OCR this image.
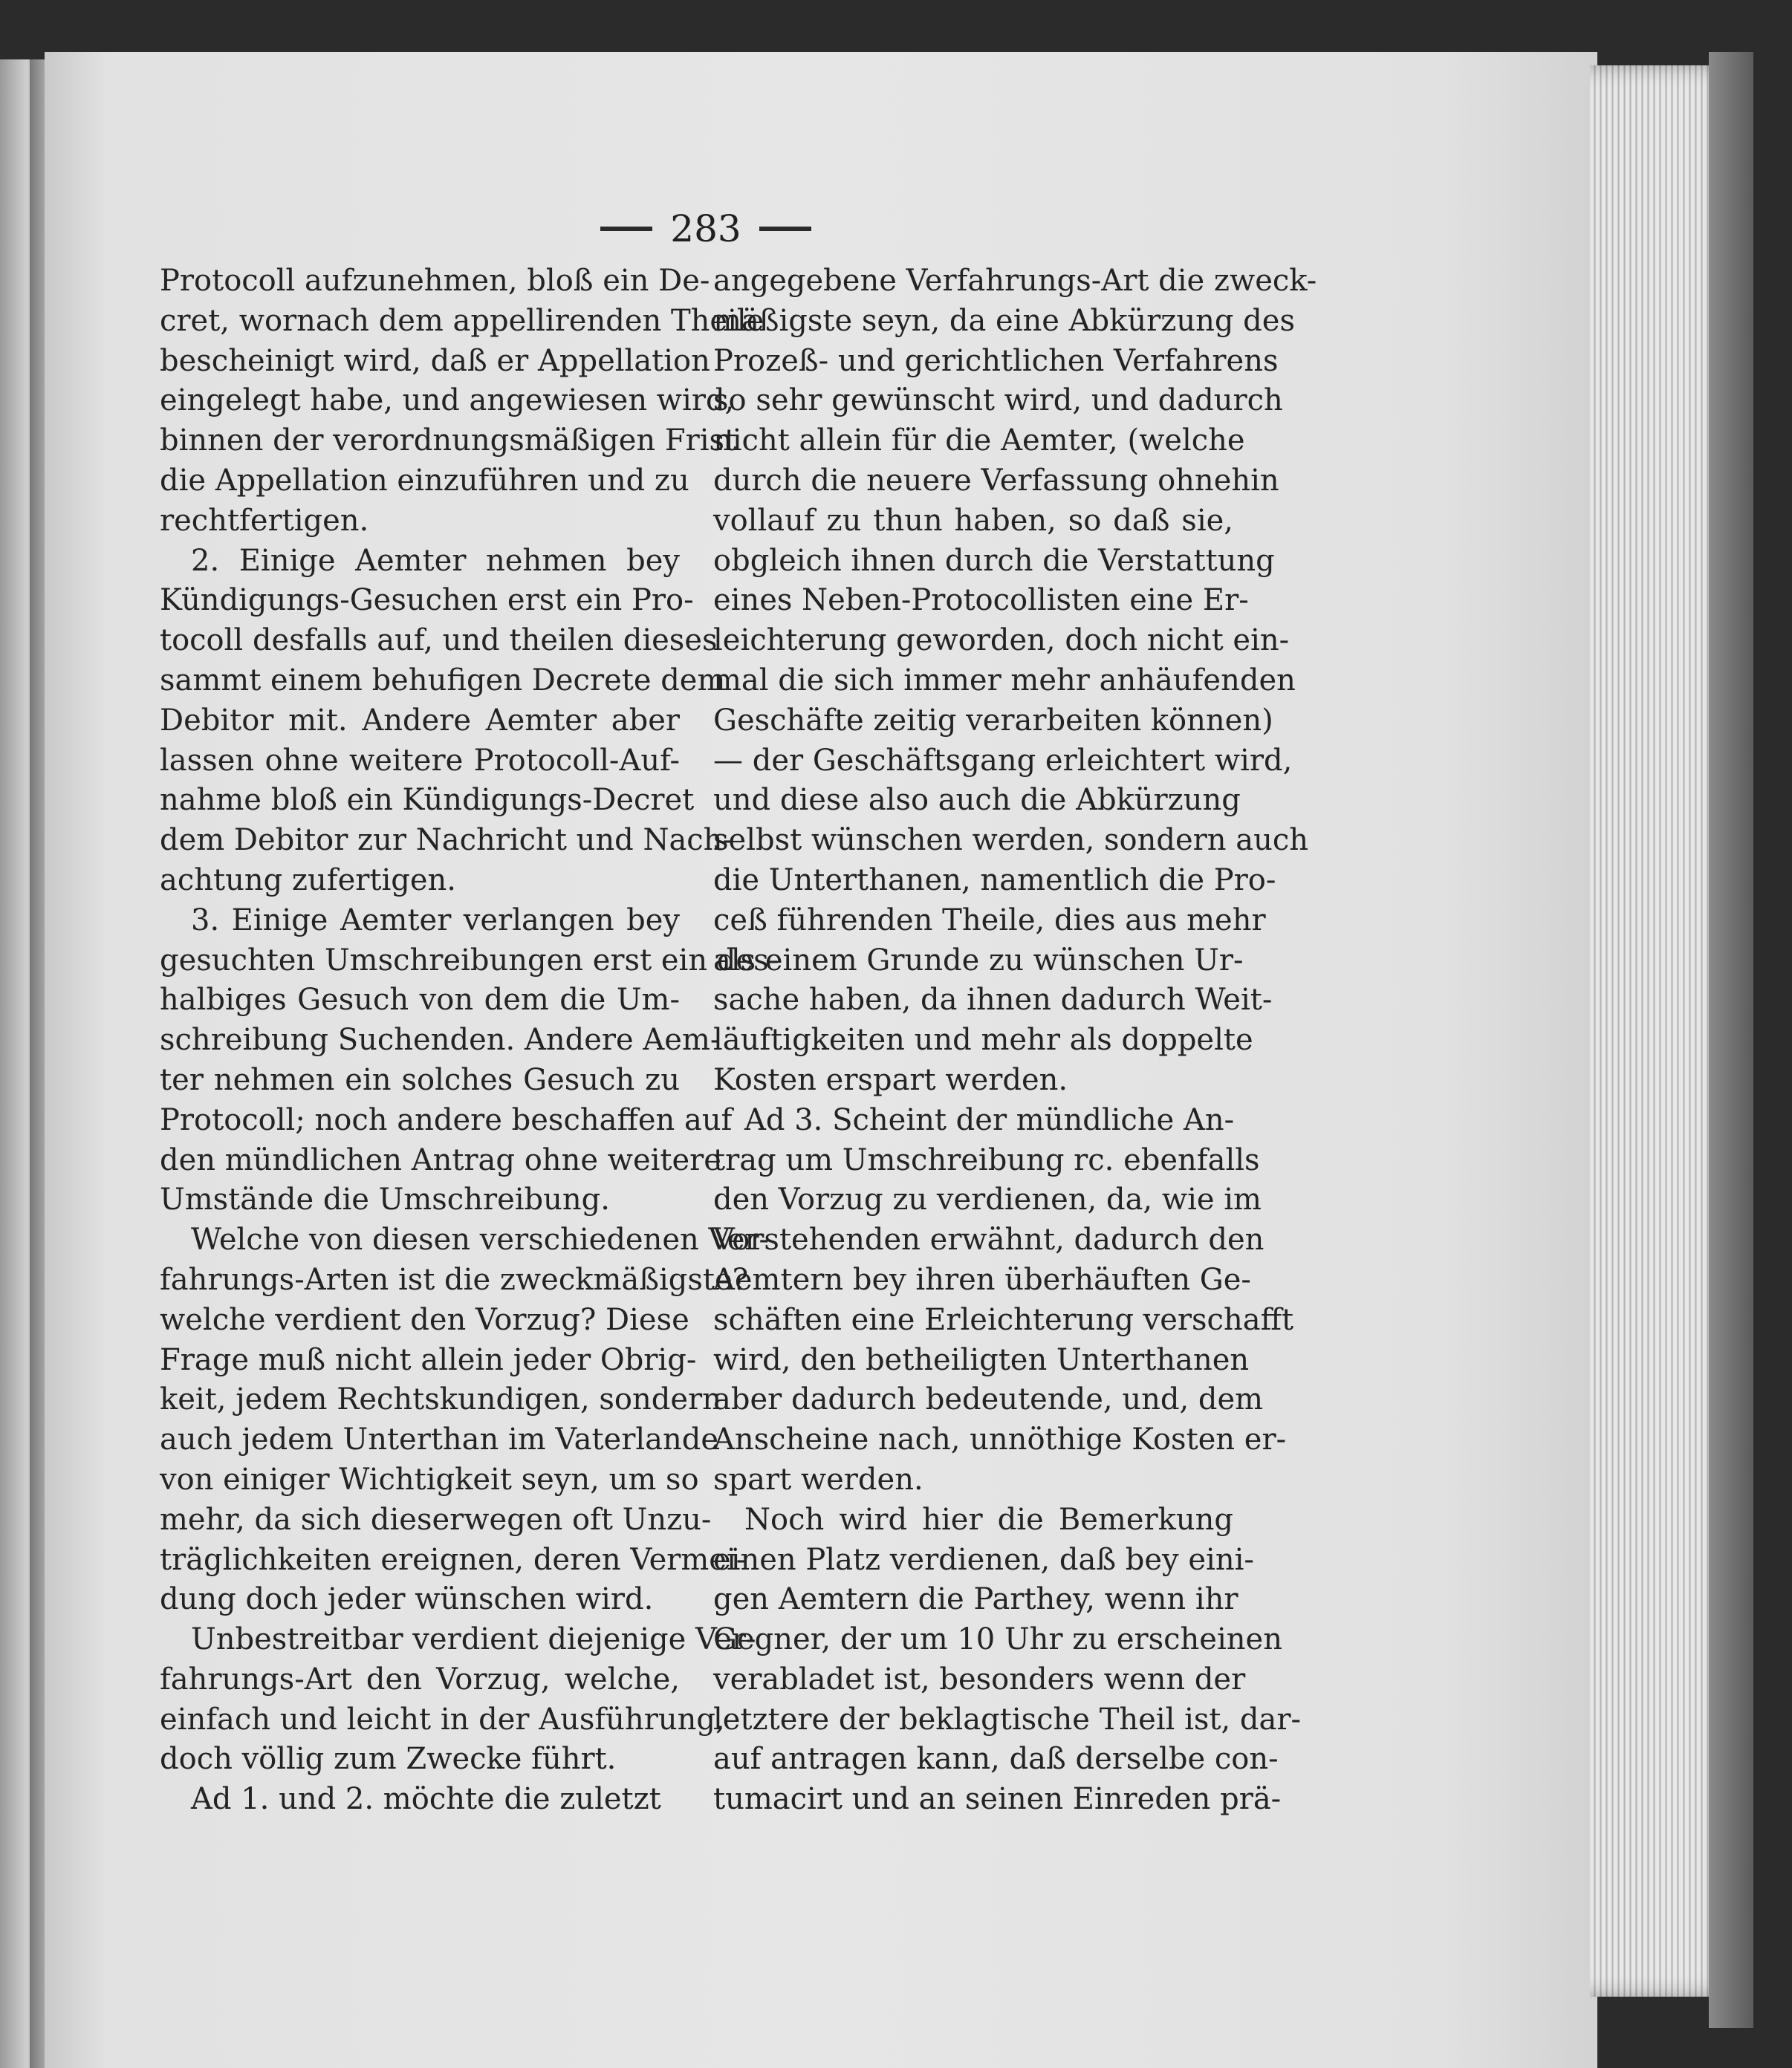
283
Protocoll aufzunehmen, bloß ein De-
cret, wornach dem appellirenden Theile
bescheinigt wird, daß er Appellation
eingelegt habe, und angewiesen wird,
binnen der verordnungsmäßigen Frist
die Appellation einzuführen und zu
rechtfertigen.
2. Einige Aemter nehmen bey
Kündigungs-Gesuchen erst ein Pro-
tocoll desfalls auf, und theilen dieses
sammt einem behufigen Decrete dem
Debitor mit. Andere Aemter aber
lassen ohne weitere Protocoll-Auf-
nahme bloß ein Kündigungs-Decret
dem Debitor zur Nachricht und Nach-
achtung zufertigen.
3. Einige Aemter verlangen bey
gesuchten Umschreibungen erst ein des-
halbiges Gesuch von dem die Um-
schreibung Suchenden. Andere Aem-
ter nehmen ein solches Gesuch zu
Protocoll; noch andere beschaffen auf
den mündlichen Antrag ohne weitere
Umstände die Umschreibung.
Welche von diesen verschiedenen Ver-
fahrungs-Arten ist die zweckmäßigste?
welche verdient den Vorzug? Diese
Frage muß nicht allein jeder Obrig-
keit, jedem Rechtskundigen, sondern
auch jedem Unterthan im Vaterlande
von einiger Wichtigkeit seyn, um so
mehr, da sich dieserwegen oft Unzu-
träglichkeiten ereignen, deren Vermei-
dung doch jeder wünschen wird.
Unbestreitbar verdient diejenige Ver-
fahrungs-Art den Vorzug, welche,
einfach und leicht in der Ausführung,
doch völlig zum Zwecke führt.
Ad 1. und 2. möchte die zuletzt
angegebene Verfahrungs-Art die zweck-
mäßigste seyn, da eine Abkürzung des
Prozeß- und gerichtlichen Verfahrens
so sehr gewünscht wird, und dadurch
nicht allein für die Aemter, (welche
durch die neuere Verfassung ohnehin
vollauf zu thun haben, so daß sie,
obgleich ihnen durch die Verstattung
eines Neben-Protocollisten eine Er-
leichterung geworden, doch nicht ein-
mal die sich immer mehr anhäufenden
Geschäfte zeitig verarbeiten können)
— der Geschäftsgang erleichtert wird,
und diese also auch die Abkürzung
selbst wünschen werden, sondern auch
die Unterthanen, namentlich die Pro-
ceß führenden Theile, dies aus mehr
als einem Grunde zu wünschen Ur-
sache haben, da ihnen dadurch Weit-
läuftigkeiten und mehr als doppelte
Kosten erspart werden.
Ad 3. Scheint der mündliche An-
trag um Umschreibung rc. ebenfalls
den Vorzug zu verdienen, da, wie im
Vorstehenden erwähnt, dadurch den
Aemtern bey ihren überhäuften Ge-
schäften eine Erleichterung verschafft
wird, den betheiligten Unterthanen
aber dadurch bedeutende, und, dem
Anscheine nach, unnöthige Kosten er-
spart werden.
Noch wird hier die Bemerkung
einen Platz verdienen, daß bey eini-
gen Aemtern die Parthey, wenn ihr
Gegner, der um 10 Uhr zu erscheinen
verabladet ist, besonders wenn der
letztere der beklagtische Theil ist, dar-
auf antragen kann, daß derselbe con-
tumacirt und an seinen Einreden prä-
